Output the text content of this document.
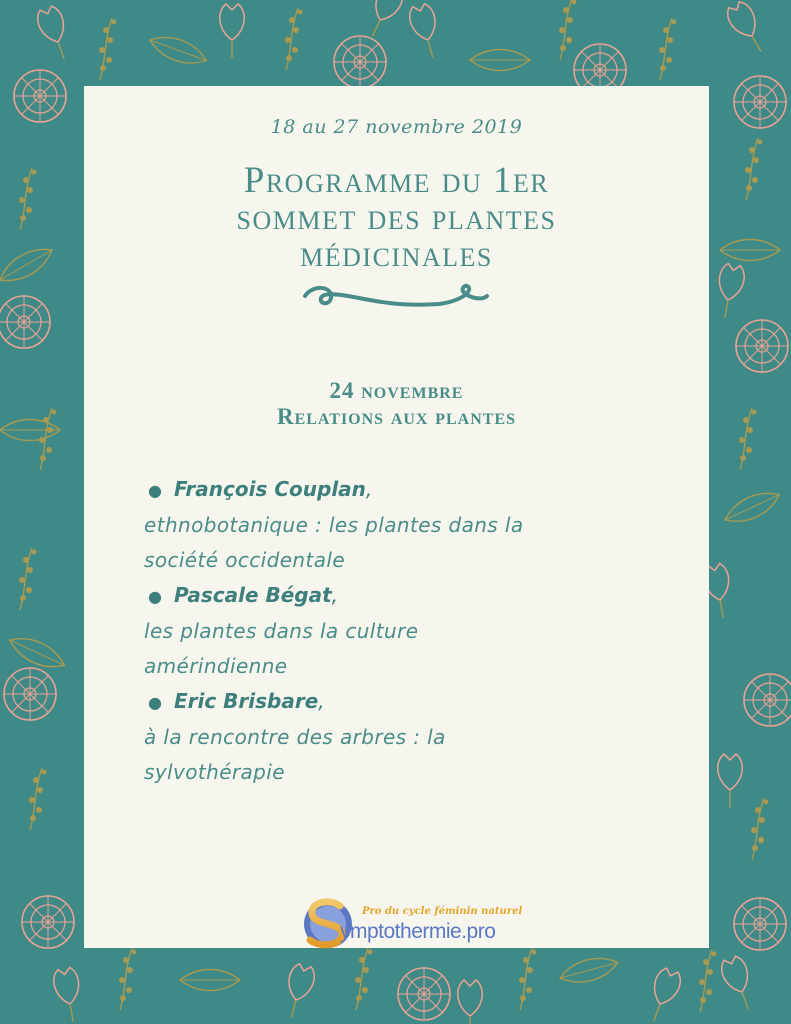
18 au 27 novembre 2019
Programme du 1er
sommet des plantes
médicinales
24 novembre
Relations aux plantes
● François Couplan,
ethnobotanique : les plantes dans la
société occidentale
● Pascale Bégat,
les plantes dans la culture
amérindienne
● Eric Brisbare,
à la rencontre des arbres : la
sylvothérapie
Pro du cycle féminin naturel
ymptothermie.pro
